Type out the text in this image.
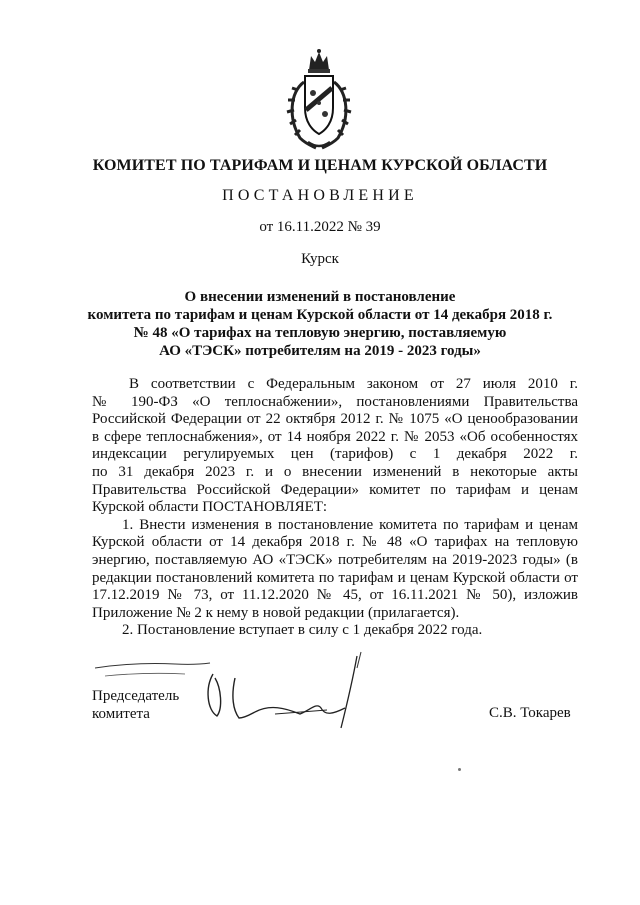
КОМИТЕТ ПО ТАРИФАМ И ЦЕНАМ КУРСКОЙ ОБЛАСТИ
ПОСТАНОВЛЕНИЕ
от 16.11.2022 № 39
Курск
О внесении изменений в постановление
комитета по тарифам и ценам Курской области от 14 декабря 2018 г.
№ 48 «О тарифах на тепловую энергию, поставляемую
АО «ТЭСК» потребителям на 2019 - 2023 годы»
В соответствии с Федеральным законом от 27 июля 2010 г.
№ 190-ФЗ «О теплоснабжении», постановлениями Правительства
Российской Федерации от 22 октября 2012 г. № 1075 «О ценообразовании
в сфере теплоснабжения», от 14 ноября 2022 г. № 2053 «Об особенностях
индексации регулируемых цен (тарифов) с 1 декабря 2022 г.
по 31 декабря 2023 г. и о внесении изменений в некоторые акты
Правительства Российской Федерации» комитет по тарифам и ценам
Курской области ПОСТАНОВЛЯЕТ:
1. Внести изменения в постановление комитета по тарифам и ценам
Курской области от 14 декабря 2018 г. № 48 «О тарифах на тепловую
энергию, поставляемую АО «ТЭСК» потребителям на 2019-2023 годы» (в
редакции постановлений комитета по тарифам и ценам Курской области от
17.12.2019 № 73, от 11.12.2020 № 45, от 16.11.2021 № 50), изложив
Приложение № 2 к нему в новой редакции (прилагается).
2. Постановление вступает в силу с 1 декабря 2022 года.
Председатель
комитета	С.В. Токарев
